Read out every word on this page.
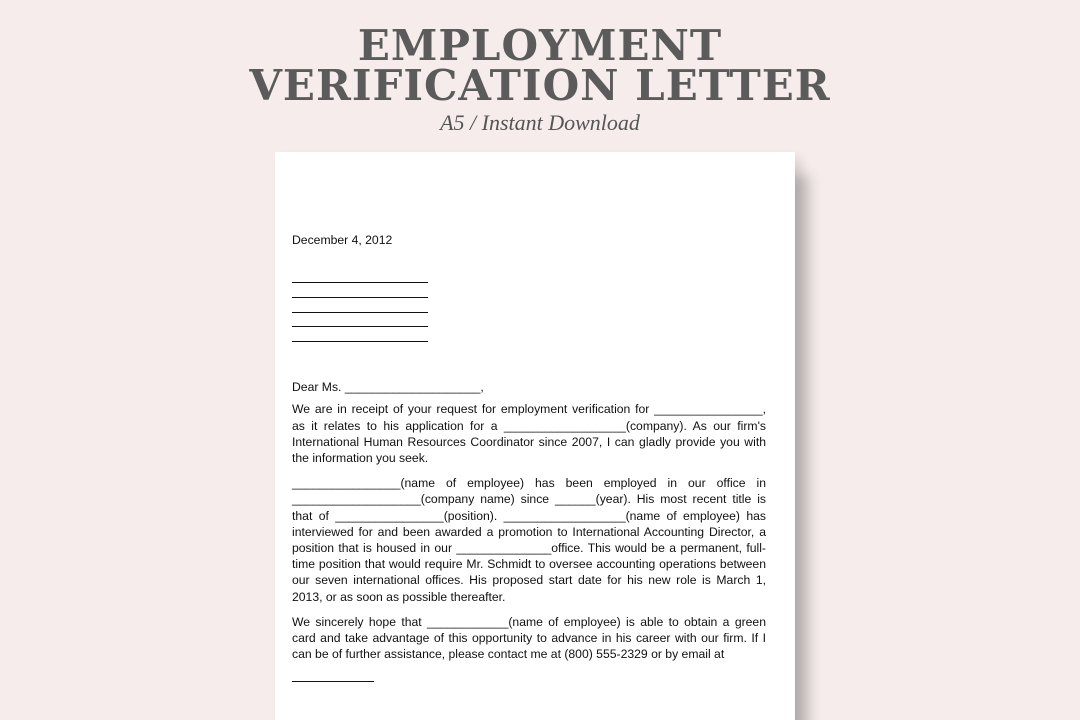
EMPLOYMENT
VERIFICATION LETTER
A5 / Instant Download
December 4, 2012
Dear Ms. ____________________,

We are in receipt of your request for employment verification for ________________, as it relates to his application for a __________________(company). As our firm's International Human Resources Coordinator since 2007, I can gladly provide you with the information you seek.

________________(name of employee) has been employed in our office in ___________________(company name) since ______(year). His most recent title is that of ________________(position). __________________(name of employee) has interviewed for and been awarded a promotion to International Accounting Director, a position that is housed in our ______________office. This would be a permanent, full-time position that would require Mr. Schmidt to oversee accounting operations between our seven international offices. His proposed start date for his new role is March 1, 2013, or as soon as possible thereafter.

We sincerely hope that ____________(name of employee) is able to obtain a green card and take advantage of this opportunity to advance in his career with our firm. If I can be of further assistance, please contact me at (800) 555-2329 or by email at
